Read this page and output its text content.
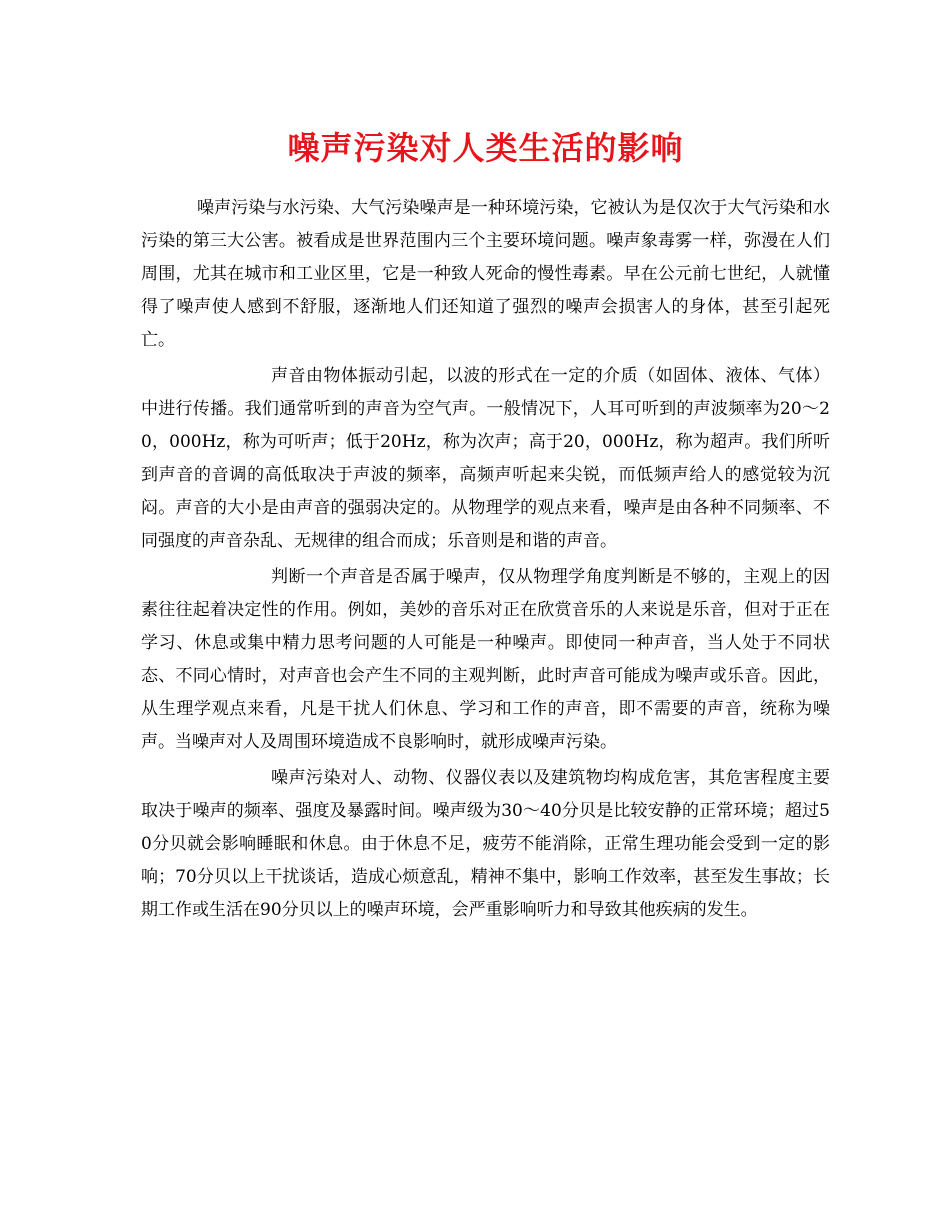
噪声污染对人类生活的影响

噪声污染与水污染、大气污染噪声是一种环境污染，它被认为是仅次于大气污染和水污染的第三大公害。被看成是世界范围内三个主要环境问题。噪声象毒雾一样，弥漫在人们周围，尤其在城市和工业区里，它是一种致人死命的慢性毒素。早在公元前七世纪，人就懂得了噪声使人感到不舒服，逐渐地人们还知道了强烈的噪声会损害人的身体，甚至引起死亡。

声音由物体振动引起，以波的形式在一定的介质（如固体、液体、气体）中进行传播。我们通常听到的声音为空气声。一般情况下，人耳可听到的声波频率为20～20，000Hz，称为可听声；低于20Hz，称为次声；高于20，000Hz，称为超声。我们所听到声音的音调的高低取决于声波的频率，高频声听起来尖锐，而低频声给人的感觉较为沉闷。声音的大小是由声音的强弱决定的。从物理学的观点来看，噪声是由各种不同频率、不同强度的声音杂乱、无规律的组合而成；乐音则是和谐的声音。

判断一个声音是否属于噪声，仅从物理学角度判断是不够的，主观上的因素往往起着决定性的作用。例如，美妙的音乐对正在欣赏音乐的人来说是乐音，但对于正在学习、休息或集中精力思考问题的人可能是一种噪声。即使同一种声音，当人处于不同状态、不同心情时，对声音也会产生不同的主观判断，此时声音可能成为噪声或乐音。因此，从生理学观点来看，凡是干扰人们休息、学习和工作的声音，即不需要的声音，统称为噪声。当噪声对人及周围环境造成不良影响时，就形成噪声污染。

噪声污染对人、动物、仪器仪表以及建筑物均构成危害，其危害程度主要取决于噪声的频率、强度及暴露时间。噪声级为30～40分贝是比较安静的正常环境；超过50分贝就会影响睡眠和休息。由于休息不足，疲劳不能消除，正常生理功能会受到一定的影响；70分贝以上干扰谈话，造成心烦意乱，精神不集中，影响工作效率，甚至发生事故；长期工作或生活在90分贝以上的噪声环境，会严重影响听力和导致其他疾病的发生。
